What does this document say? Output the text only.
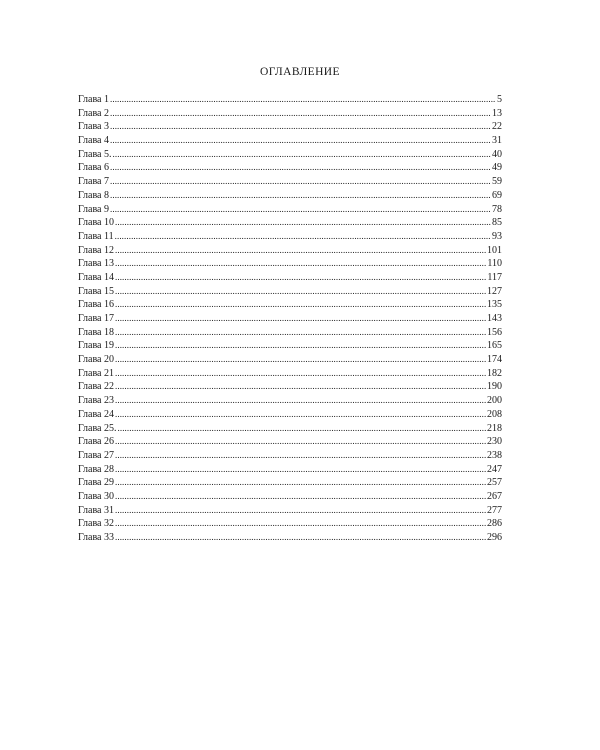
ОГЛАВЛЕНИЕ
Глава 1 .....	5
Глава 2 .....	13
Глава 3 .....	22
Глава 4 .....	31
Глава 5. .....	40
Глава 6 .....	49
Глава 7 .....	59
Глава 8 .....	69
Глава 9 .....	78
Глава 10 .....	85
Глава 11 .....	93
Глава 12 .....	101
Глава 13 .....	110
Глава 14 .....	117
Глава 15 .....	127
Глава 16 .....	135
Глава 17 .....	143
Глава 18 .....	156
Глава 19 .....	165
Глава 20 .....	174
Глава 21 .....	182
Глава 22 .....	190
Глава 23 .....	200
Глава 24 .....	208
Глава 25. .....	218
Глава 26 .....	230
Глава 27 .....	238
Глава 28 .....	247
Глава 29 .....	257
Глава 30 .....	267
Глава 31 .....	277
Глава 32 .....	286
Глава 33 .....	296
